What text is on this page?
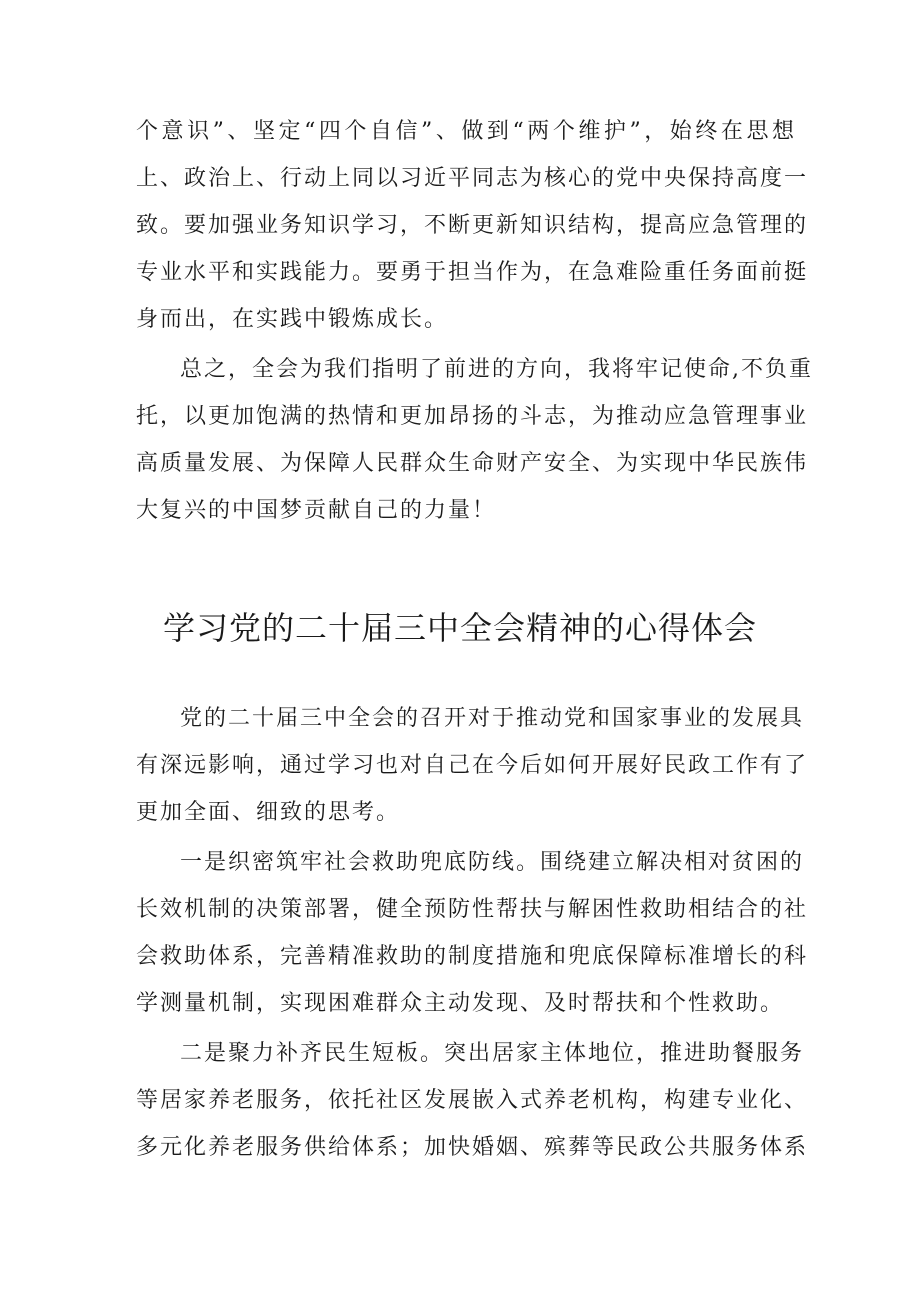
个意识”、坚定“四个自信”、做到“两个维护”，始终在思想
上、政治上、行动上同以习近平同志为核心的党中央保持高度一
致。要加强业务知识学习，不断更新知识结构，提高应急管理的
专业水平和实践能力。要勇于担当作为，在急难险重任务面前挺
身而出，在实践中锻炼成长。
总之，全会为我们指明了前进的方向，我将牢记使命,不负重
托，以更加饱满的热情和更加昂扬的斗志，为推动应急管理事业
高质量发展、为保障人民群众生命财产安全、为实现中华民族伟
大复兴的中国梦贡献自己的力量！
学习党的二十届三中全会精神的心得体会
党的二十届三中全会的召开对于推动党和国家事业的发展具
有深远影响，通过学习也对自己在今后如何开展好民政工作有了
更加全面、细致的思考。
一是织密筑牢社会救助兜底防线。围绕建立解决相对贫困的
长效机制的决策部署，健全预防性帮扶与解困性救助相结合的社
会救助体系，完善精准救助的制度措施和兜底保障标准增长的科
学测量机制，实现困难群众主动发现、及时帮扶和个性救助。
二是聚力补齐民生短板。突出居家主体地位，推进助餐服务
等居家养老服务，依托社区发展嵌入式养老机构，构建专业化、
多元化养老服务供给体系；加快婚姻、殡葬等民政公共服务体系
